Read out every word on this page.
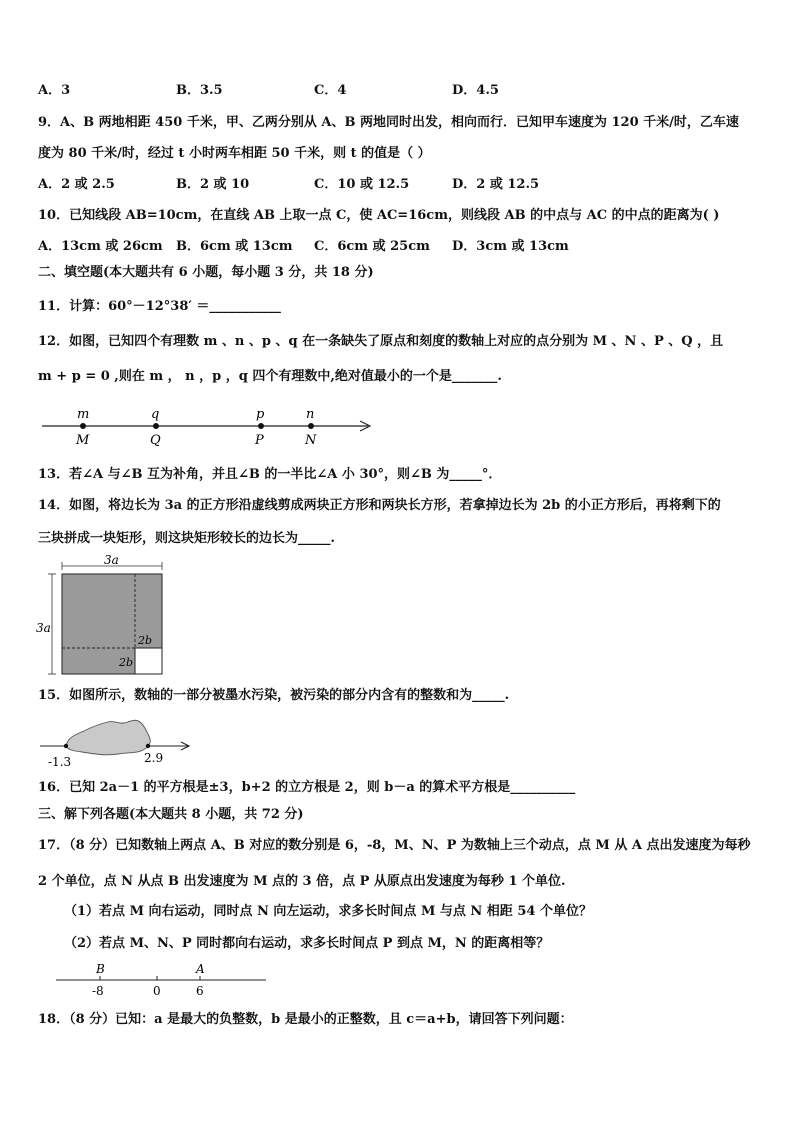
A．3	B．3.5	C．4	D．4.5
9．A、B 两地相距 450 千米，甲、乙两分别从 A、B 两地同时出发，相向而行．已知甲车速度为 120 千米/时，乙车速
度为 80 千米/时，经过 t 小时两车相距 50 千米，则 t 的值是（ ）
A．2 或 2.5	B．2 或 10	C．10 或 12.5	D．2 或 12.5
10．已知线段 AB=10cm，在直线 AB 上取一点 C，使 AC=16cm，则线段 AB 的中点与 AC 的中点的距离为( )
A．13cm 或 26cm B．6cm 或 13cm C．6cm 或 25cm D．3cm 或 13cm
二、填空题(本大题共有 6 小题，每小题 3 分，共 18 分)
11．计算：60°－12°38′ ＝___________
12．如图，已知四个有理数 m 、n 、p 、q 在一条缺失了原点和刻度的数轴上对应的点分别为 M 、N 、P 、Q ，且
m + p = 0 ,则在 m ， n ，p ，q 四个有理数中,绝对值最小的一个是_______.
m	q	p	n
M	Q	P	N
13．若∠A 与∠B 互为补角，并且∠B 的一半比∠A 小 30°，则∠B 为_____°．
14．如图，将边长为 3a 的正方形沿虚线剪成两块正方形和两块长方形，若拿掉边长为 2b 的小正方形后，再将剩下的
三块拼成一块矩形，则这块矩形较长的边长为_____.
3a
3a
2b
2b
15．如图所示，数轴的一部分被墨水污染，被污染的部分内含有的整数和为_____.
-1.3	2.9
16．已知 2a－1 的平方根是±3，b+2 的立方根是 2，则 b－a 的算术平方根是__________
三、解下列各题(本大题共 8 小题，共 72 分)
17．（8 分）已知数轴上两点 A、B 对应的数分别是 6，-8，M、N、P 为数轴上三个动点，点 M 从 A 点出发速度为每秒
2 个单位，点 N 从点 B 出发速度为 M 点的 3 倍，点 P 从原点出发速度为每秒 1 个单位.
（1）若点 M 向右运动，同时点 N 向左运动，求多长时间点 M 与点 N 相距 54 个单位？
（2）若点 M、N、P 同时都向右运动，求多长时间点 P 到点 M，N 的距离相等？
B	A
-8	0	6
18．（8 分）已知：a 是最大的负整数，b 是最小的正整数，且 c＝a+b，请回答下列问题：
